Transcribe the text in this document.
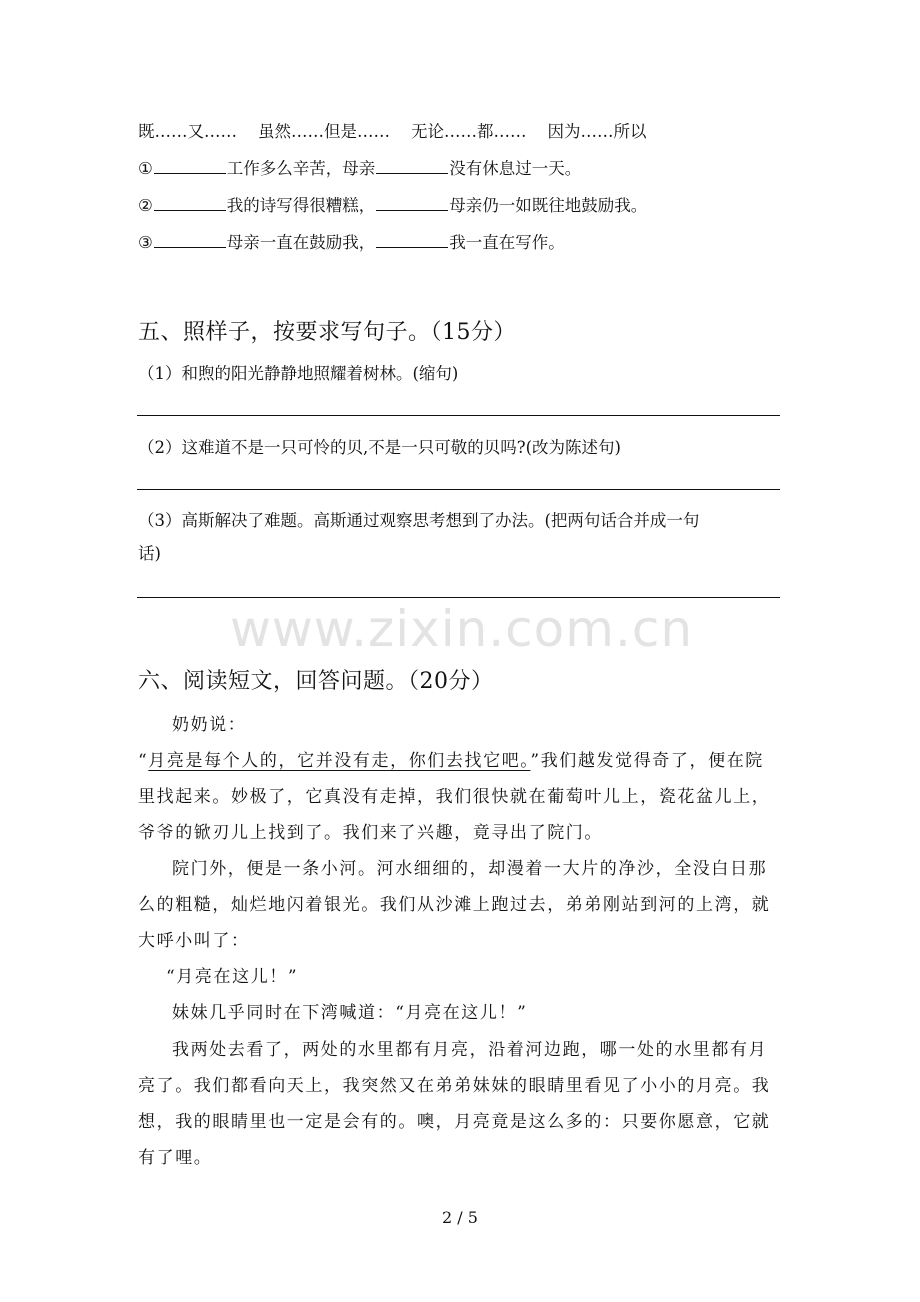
既……又…… 虽然……但是…… 无论……都…… 因为……所以
①	工作多么辛苦，母亲	没有休息过一天。
②	我的诗写得很糟糕，	母亲仍一如既往地鼓励我。
③	母亲一直在鼓励我，	我一直在写作。
五、照样子，按要求写句子。（15分）
（1）和煦的阳光静静地照耀着树林。(缩句)
（2）这难道不是一只可怜的贝,不是一只可敬的贝吗?(改为陈述句)
（3）高斯解决了难题。高斯通过观察思考想到了办法。(把两句话合并成一句
话)
www.zixin.com.cn
六、阅读短文，回答问题。（20分）
奶奶说：
“月亮是每个人的，它并没有走，你们去找它吧。”我们越发觉得奇了，便在院
里找起来。妙极了，它真没有走掉，我们很快就在葡萄叶儿上，瓷花盆儿上，
爷爷的锨刃儿上找到了。我们来了兴趣，竟寻出了院门。
院门外，便是一条小河。河水细细的，却漫着一大片的净沙，全没白日那
么的粗糙，灿烂地闪着银光。我们从沙滩上跑过去，弟弟刚站到河的上湾，就
大呼小叫了：
“月亮在这儿！”
妹妹几乎同时在下湾喊道：“月亮在这儿！”
我两处去看了，两处的水里都有月亮，沿着河边跑，哪一处的水里都有月
亮了。我们都看向天上，我突然又在弟弟妹妹的眼睛里看见了小小的月亮。我
想，我的眼睛里也一定是会有的。噢，月亮竟是这么多的：只要你愿意，它就
有了哩。
2 / 5
